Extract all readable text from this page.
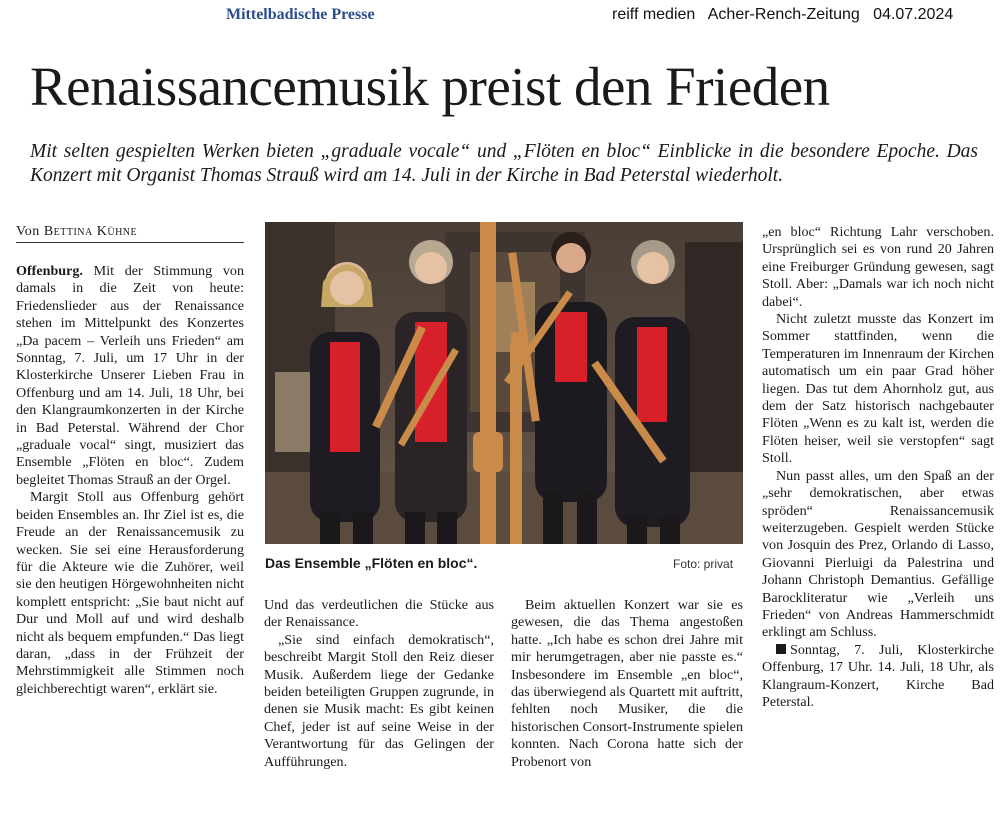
Mittelbadische Presse	reiff medien   Acher-Rench-Zeitung   04.07.2024
Renaissancemusik preist den Frieden
Mit selten gespielten Werken bieten „graduale vocale“ und „Flöten en bloc“ Einblicke in die besondere Epoche. Das Konzert mit Organist Thomas Strauß wird am 14. Juli in der Kirche in Bad Peterstal wiederholt.
Von Bettina Kühne

Offenburg. Mit der Stimmung von damals in die Zeit von heute: Friedenslieder aus der Renaissance stehen im Mittelpunkt des Konzertes „Da pacem – Verleih uns Frieden“ am Sonntag, 7. Juli, um 17 Uhr in der Klosterkirche Unserer Lieben Frau in Offenburg und am 14. Juli, 18 Uhr, bei den Klangraumkonzerten in der Kirche in Bad Peterstal. Während der Chor „graduale vocal“ singt, musiziert das Ensemble „Flöten en bloc“. Zudem begleitet Thomas Strauß an der Orgel.

Margit Stoll aus Offenburg gehört beiden Ensembles an. Ihr Ziel ist es, die Freude an der Renaissancemusik zu wecken. Sie sei eine Herausforderung für die Akteure wie die Zuhörer, weil sie den heutigen Hörgewohnheiten nicht komplett entspricht: „Sie baut nicht auf Dur und Moll auf und wird deshalb nicht als bequem empfunden.“ Das liegt daran, „dass in der Frühzeit der Mehrstimmigkeit alle Stimmen noch gleichberechtigt waren“, erklärt sie.

Das Ensemble „Flöten en bloc“.	Foto: privat

Und das verdeutlichen die Stücke aus der Renaissance.

„Sie sind einfach demokratisch“, beschreibt Margit Stoll den Reiz dieser Musik. Außerdem liege der Gedanke beiden beteiligten Gruppen zugrunde, in denen sie Musik macht: Es gibt keinen Chef, jeder ist auf seine Weise in der Verantwortung für das Gelingen der Aufführungen.

Beim aktuellen Konzert war sie es gewesen, die das Thema angestoßen hatte. „Ich habe es schon drei Jahre mit mir herumgetragen, aber nie passte es.“ Insbesondere im Ensemble „en bloc“, das überwiegend als Quartett mit auftritt, fehlten noch Musiker, die die historischen Consort-Instrumente spielen konnten. Nach Corona hatte sich der Probenort von

„en bloc“ Richtung Lahr verschoben. Ursprünglich sei es von rund 20 Jahren eine Freiburger Gründung gewesen, sagt Stoll. Aber: „Damals war ich noch nicht dabei“.

Nicht zuletzt musste das Konzert im Sommer stattfinden, wenn die Temperaturen im Innenraum der Kirchen automatisch um ein paar Grad höher liegen. Das tut dem Ahornholz gut, aus dem der Satz historisch nachgebauter Flöten „Wenn es zu kalt ist, werden die Flöten heiser, weil sie verstopfen“ sagt Stoll.

Nun passt alles, um den Spaß an der „sehr demokratischen, aber etwas spröden“ Renaissancemusik weiterzugeben. Gespielt werden Stücke von Josquin des Prez, Orlando di Lasso, Giovanni Pierluigi da Palestrina und Johann Christoph Demantius. Gefällige Barockliteratur wie „Verleih uns Frieden“ von Andreas Hammerschmidt erklingt am Schluss.

Sonntag, 7. Juli, Klosterkirche Offenburg, 17 Uhr. 14. Juli, 18 Uhr, als Klangraum-Konzert, Kirche Bad Peterstal.
